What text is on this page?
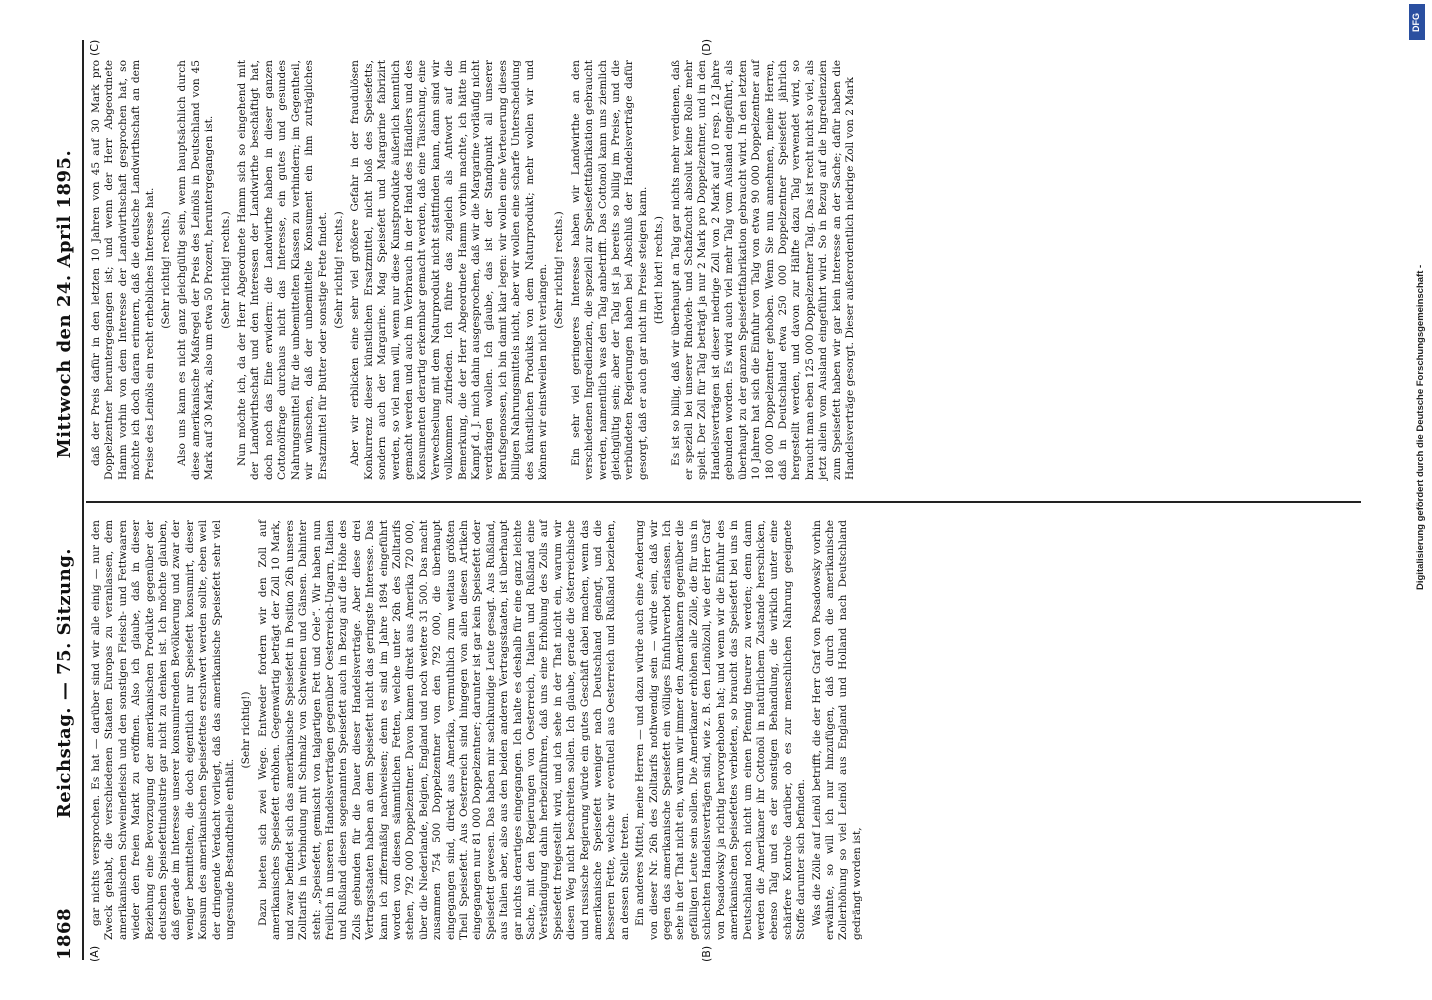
1868
Reichstag. — 75. Sitzung.
Mittwoch den 24. April 1895.
(A)	(B)
(C)	(D)

gar nichts versprochen. Es hat — darüber sind wir alle einig — nur den Zweck gehabt, die verschiedenen Staaten Europas zu veranlassen, dem amerikanischen Schweinefleisch und den sonstigen Fleisch- und Fettwaaren wieder den freien Markt zu eröffnen. Also ich glaube, daß in dieser Beziehung eine Bevorzugung der amerikanischen Produkte gegenüber der deutschen Speisefettindustrie gar nicht zu denken ist. Ich möchte glauben, daß gerade im Interesse unserer konsumirenden Bevölkerung und zwar der weniger bemittelten, die doch eigentlich nur Speisefett konsumirt, dieser Konsum des amerikanischen Speisefettes erschwert werden sollte, eben weil der dringende Verdacht vorliegt, daß das amerikanische Speisefett sehr viel ungesunde Bestandtheile enthält.

(Sehr richtig!) Dazu bieten sich zwei Wege. Entweder fordern wir den Zoll auf amerikanisches Speisefett erhöhen. Gegenwärtig beträgt der Zoll 10 Mark, und zwar befindet sich das amerikanische Speisefett in Position 26h unseres Zolltarifs in Verbindung mit Schmalz von Schweinen und Gänsen. Dahinter steht: „Speisefett, gemischt von talgartigen Fett und Oele“. Wir haben nun freilich in unseren Handelsverträgen gegenüber Oesterreich-Ungarn, Italien und Rußland diesen sogenannten Speisefett auch in Bezug auf die Höhe des Zolls gebunden für die Dauer dieser Handelsverträge. Aber diese drei Vertragsstaaten haben an dem Speisefett nicht das geringste Interesse. Das kann ich ziffermäßig nachweisen; denn es sind im Jahre 1894 eingeführt worden von diesen sämmtlichen Fetten, welche unter 26h des Zolltarifs stehen, 792 000 Doppelzentner. Davon kamen direkt aus Amerika 720 000, über die Niederlande, Belgien, England und noch weitere 31 500. Das macht zusammen 754 500 Doppelzentner von den 792 000, die überhaupt eingegangen sind, direkt aus Amerika, vermuthlich zum weitaus größten Theil Speisefett. Aus Oesterreich sind hingegen von allen diesen Artikeln eingegangen nur 81 000 Doppelzentner; darunter ist gar kein Speisefett oder Speisefett gewesen. Das haben mir sachkundige Leute gesagt. Aus Rußland, aus Italien aber, also aus den beiden anderen Vertragsstaaten, ist überhaupt gar nichts derartiges eingegangen. Ich halte es deshalb für eine ganz leichte Sache, mit den Regierungen von Oesterreich, Italien und Rußland eine Verständigung dahin herbeizuführen, daß uns eine Erhöhung des Zolls auf Speisefett freigestellt wird, und ich sehe in der That nicht ein, warum wir diesen Weg nicht beschreiten sollen. Ich glaube, gerade die österreichische und russische Regierung würde ein gutes Geschäft dabei machen, wenn das amerikanische Speisefett weniger nach Deutschland gelangt, und die besseren Fette, welche wir eventuell aus Oesterreich und Rußland beziehen, an dessen Stelle treten. Ein anderes Mittel, meine Herren — und dazu würde auch eine Aenderung von dieser Nr. 26h des Zolltarifs nothwendig sein — würde sein, daß wir gegen das amerikanische Speisefett ein völliges Einfuhrverbot erlassen. Ich sehe in der That nicht ein, warum wir immer den Amerikanern gegenüber die gefälligen Leute sein sollen. Die Amerikaner erhöhen alle Zölle, die für uns in schlechten Handelsverträgen sind, wie z. B. den Leinölzoll, wie der Herr Graf von Posadowsky ja richtig hervorgehoben hat; und wenn wir die Einfuhr des amerikanischen Speisefettes verbieten, so braucht das Speisefett bei uns in Deutschland noch nicht um einen Pfennig theurer zu werden; denn dann werden die Amerikaner ihr Cottonöl in natürlichem Zustande herschicken, ebenso Talg und es der sonstigen Behandlung, die wirklich unter eine schärfere Kontrole darüber, ob es zur menschlichen Nahrung geeignete Stoffe darunter sich befinden. Was die Zölle auf Leinöl betrifft, die der Herr Graf von Posadowsky vorhin erwähnte, so will ich nur hinzufügen, daß durch die amerikanische Zollerhöhung so viel Leinöl aus England und Holland nach Deutschland gedrängt worden ist,

daß der Preis dafür in den letzten 10 Jahren von 45 auf 30 Mark pro Doppelzentner heruntergegangen ist; und wenn der Herr Abgeordnete Hamm vorhin von dem Interesse der Landwirthschaft gesprochen hat, so möchte ich doch daran erinnern, daß die deutsche Landwirthschaft an dem Preise des Leinöls ein recht erhebliches Interesse hat. (Sehr richtig! rechts.) Also uns kann es nicht ganz gleichgültig sein, wenn hauptsächlich durch diese amerikanische Maßregel der Preis des Leinöls in Deutschland von 45 Mark auf 30 Mark, also um etwa 50 Prozent, heruntergegangen ist. (Sehr richtig! rechts.) Nun möchte ich, da der Herr Abgeordnete Hamm sich so eingehend mit der Landwirthschaft und den Interessen der Landwirthe beschäftigt hat, doch noch das Eine erwidern: die Landwirthe haben in dieser ganzen Cottonölfrage durchaus nicht das Interesse, ein gutes und gesundes Nahrungsmittel für die unbemittelten Klassen zu verhindern; im Gegentheil, wir wünschen, daß der unbemittelte Konsument ein ihm zuträgliches Ersatzmittel für Butter oder sonstige Fette findet. (Sehr richtig! rechts.) Aber wir erblicken eine sehr viel größere Gefahr in der fraudulösen Konkurrenz dieser künstlichen Ersatzmittel, nicht bloß des Speisefetts, sondern auch der Margarine. Mag Speisefett und Margarine fabrizirt werden, so viel man will, wenn nur diese Kunstprodukte äußerlich kenntlich gemacht werden und auch im Verbrauch in der Hand des Händlers und des Konsumenten derartig erkennbar gemacht werden, daß eine Täuschung, eine Verwechselung mit dem Naturprodukt nicht stattfinden kann, dann sind wir vollkommen zufrieden. Ich führe das zugleich als Antwort auf die Bemerkung, die der Herr Abgeordnete Hamm vorhin machte, ich hätte im Kampf d. J. mich dahin ausgesprochen, daß wir die Margarine vorläufig nicht verdrängen wollen. Ich glaube, das ist der Standpunkt all unserer Berufsgenossen, ich bin damit klar legen: wir wollen eine Verteuerung dieses billigen Nahrungsmittels nicht, aber wir wollen eine scharfe Unterscheidung des künstlichen Produkts von dem Naturprodukt; mehr wollen wir und können wir einstweilen nicht verlangen. (Sehr richtig! rechts.) Ein sehr viel geringeres Interesse haben wir Landwirthe an den verschiedenen Ingredienzien, die speziell zur Speisefettfabrikation gebraucht werden, namentlich was den Talg anbetrifft. Das Cottonöl kann uns ziemlich gleichgültig sein; aber der Talg ist ja bereits so billig im Preise, und die verbündeten Regierungen haben bei Abschluß der Handelsverträge dafür gesorgt, daß er auch gar nicht im Preise steigen kann. (Hört! hört! rechts.) Es ist so billig, daß wir überhaupt an Talg gar nichts mehr verdienen, daß er speziell bei unserer Rindvieh- und Schafzucht absolut keine Rolle mehr spielt. Der Zoll für Talg beträgt ja nur 2 Mark pro Doppelzentner, und in den Handelsverträgen ist dieser niedrige Zoll von 2 Mark auf 10 resp. 12 Jahre gebunden worden. Es wird auch viel mehr Talg vom Ausland eingeführt, als überhaupt zu der ganzen Speisefettfabrikation gebraucht wird. In den letzten 10 Jahren hat sich die Einfuhr von Talg von etwa 90 000 Doppelzentner auf 180 000 Doppelzentner gehoben. Wenn Sie nun annehmen, meine Herren, daß in Deutschland etwa 250 000 Doppelzentner Speisefett jährlich hergestellt werden, und davon zur Hälfte dazu Talg verwendet wird, so braucht man eben 125 000 Doppelzentner Talg. Das ist recht nicht so viel, als jetzt allein vom Ausland eingeführt wird. So in Bezug auf die Ingredienzien zum Speisefett haben wir gar kein Interesse an der Sache; dafür haben die Handelsverträge gesorgt. Dieser außerordentlich niedrige Zoll von 2 Mark

DFG
Digitalisierung gefördert durch die Deutsche Forschungsgemeinschaft -
